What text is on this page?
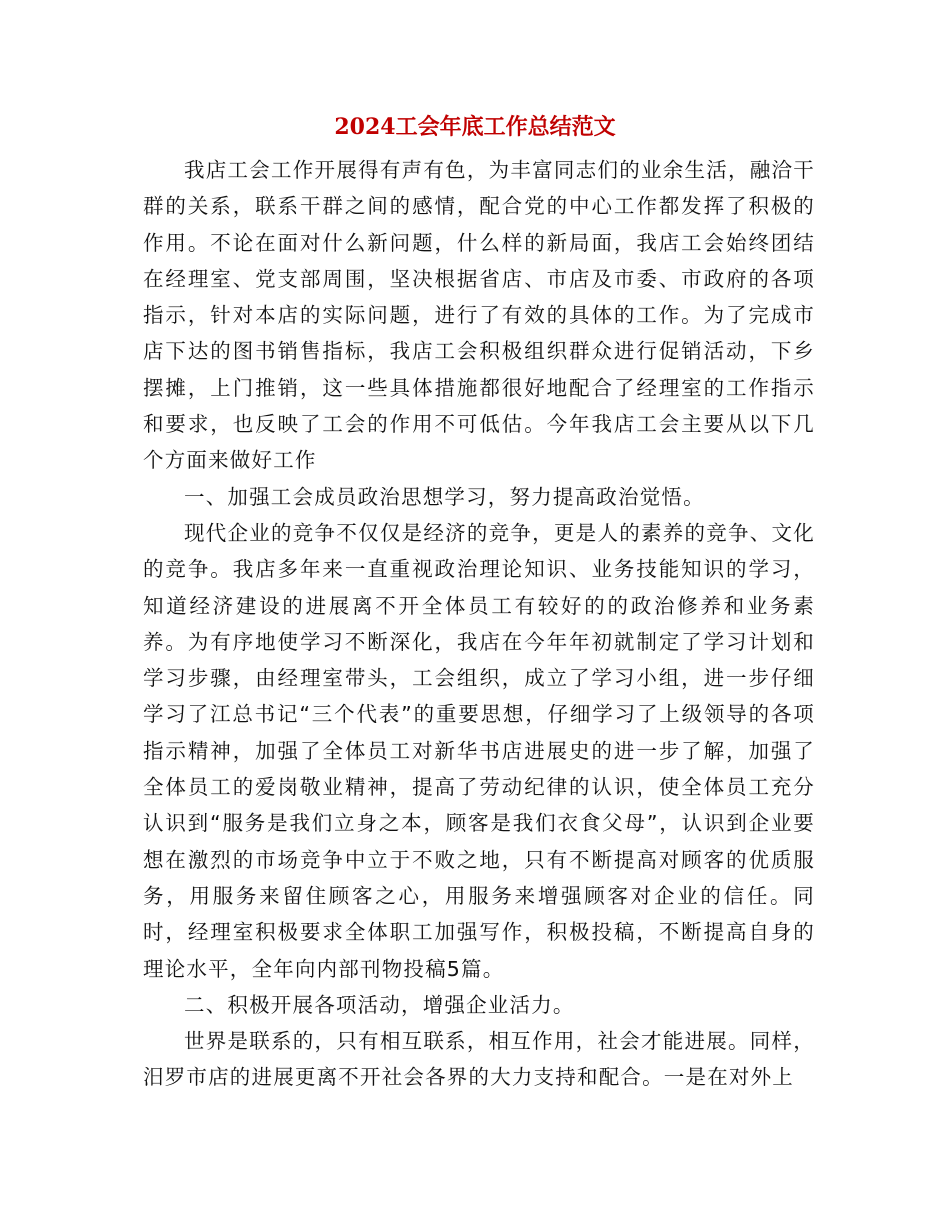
2024工会年底工作总结范文

我店工会工作开展得有声有色，为丰富同志们的业余生活，融洽干群的关系，联系干群之间的感情，配合党的中心工作都发挥了积极的作用。不论在面对什么新问题，什么样的新局面，我店工会始终团结在经理室、党支部周围，坚决根据省店、市店及市委、市政府的各项指示，针对本店的实际问题，进行了有效的具体的工作。为了完成市店下达的图书销售指标，我店工会积极组织群众进行促销活动，下乡摆摊，上门推销，这一些具体措施都很好地配合了经理室的工作指示和要求，也反映了工会的作用不可低估。今年我店工会主要从以下几个方面来做好工作

一、加强工会成员政治思想学习，努力提高政治觉悟。

现代企业的竞争不仅仅是经济的竞争，更是人的素养的竞争、文化的竞争。我店多年来一直重视政治理论知识、业务技能知识的学习，知道经济建设的进展离不开全体员工有较好的的政治修养和业务素养。为有序地使学习不断深化，我店在今年年初就制定了学习计划和学习步骤，由经理室带头，工会组织，成立了学习小组，进一步仔细学习了江总书记“三个代表”的重要思想，仔细学习了上级领导的各项指示精神，加强了全体员工对新华书店进展史的进一步了解，加强了全体员工的爱岗敬业精神，提高了劳动纪律的认识，使全体员工充分认识到“服务是我们立身之本，顾客是我们衣食父母”，认识到企业要想在激烈的市场竞争中立于不败之地，只有不断提高对顾客的优质服务，用服务来留住顾客之心，用服务来增强顾客对企业的信任。同时，经理室积极要求全体职工加强写作，积极投稿，不断提高自身的理论水平，全年向内部刊物投稿5篇。

二、积极开展各项活动，增强企业活力。

世界是联系的，只有相互联系，相互作用，社会才能进展。同样，汨罗市店的进展更离不开社会各界的大力支持和配合。一是在对外上
